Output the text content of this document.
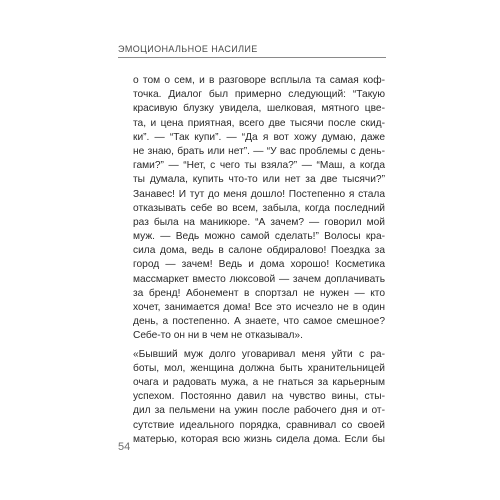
ЭМОЦИОНАЛЬНОЕ НАСИЛИЕ
о том о сем, и в разговоре всплыла та самая коф-
точка. Диалог был примерно следующий: “Такую
красивую блузку увидела, шелковая, мятного цве-
та, и цена приятная, всего две тысячи после скид-
ки”. — “Так купи”. — “Да я вот хожу думаю, даже
не знаю, брать или нет”. — “У вас проблемы с день-
гами?” — “Нет, с чего ты взяла?” — “Маш, а когда
ты думала, купить что-то или нет за две тысячи?”
Занавес! И тут до меня дошло! Постепенно я стала
отказывать себе во всем, забыла, когда последний
раз была на маникюре. “А зачем? — говорил мой
муж. — Ведь можно самой сделать!” Волосы кра-
сила дома, ведь в салоне обдиралово! Поездка за
город — зачем! Ведь и дома хорошо! Косметика
массмаркет вместо люксовой — зачем доплачивать
за бренд! Абонемент в спортзал не нужен — кто
хочет, занимается дома! Все это исчезло не в один
день, а постепенно. А знаете, что самое смешное?
Себе-то он ни в чем не отказывал».
«Бывший муж долго уговаривал меня уйти с ра-
боты, мол, женщина должна быть хранительницей
очага и радовать мужа, а не гнаться за карьерным
успехом. Постоянно давил на чувство вины, сты-
дил за пельмени на ужин после рабочего дня и от-
сутствие идеального порядка, сравнивал со своей
матерью, которая всю жизнь сидела дома. Если бы
54
